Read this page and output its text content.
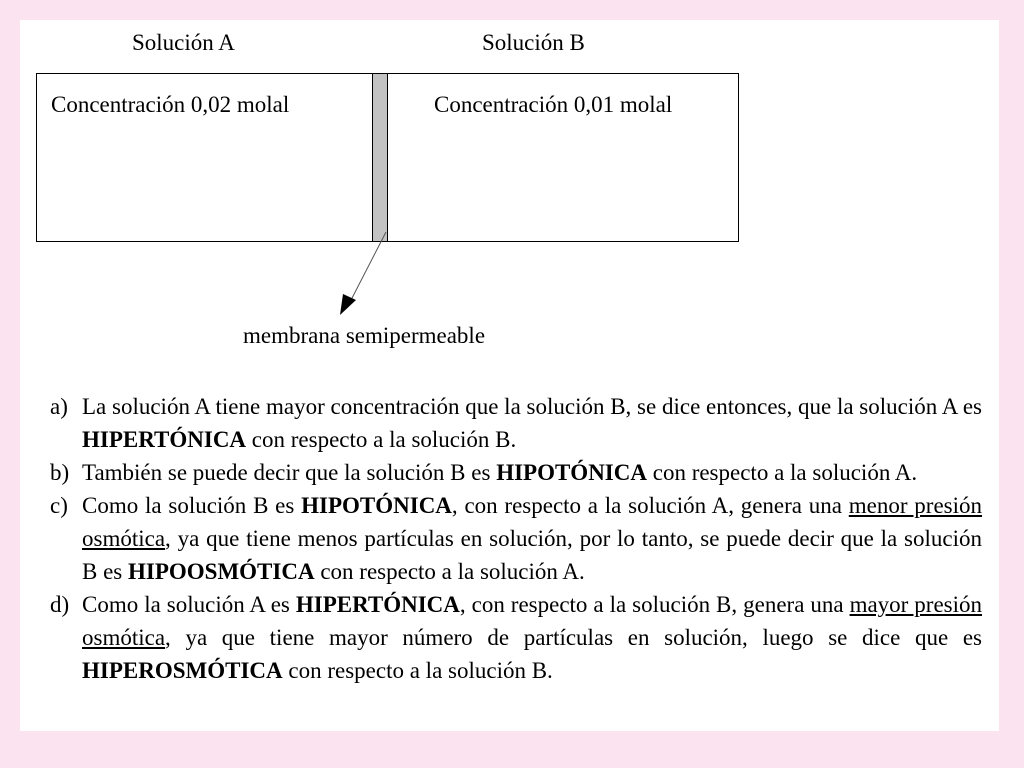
Solución A	Solución B
Concentración 0,02 molal	Concentración 0,01 molal
membrana semipermeable
a) La solución A tiene mayor concentración que la solución B, se dice entonces, que la solución A es HIPERTÓNICA con respecto a la solución B.
b) También se puede decir que la solución B es HIPOTÓNICA con respecto a la solución A.
c) Como la solución B es HIPOTÓNICA, con respecto a la solución A, genera una menor presión osmótica, ya que tiene menos partículas en solución, por lo tanto, se puede decir que la solución B es HIPOOSMÓTICA con respecto a la solución A.
d) Como la solución A es HIPERTÓNICA, con respecto a la solución B, genera una mayor presión osmótica, ya que tiene mayor número de partículas en solución, luego se dice que es HIPEROSMÓTICA con respecto a la solución B.
